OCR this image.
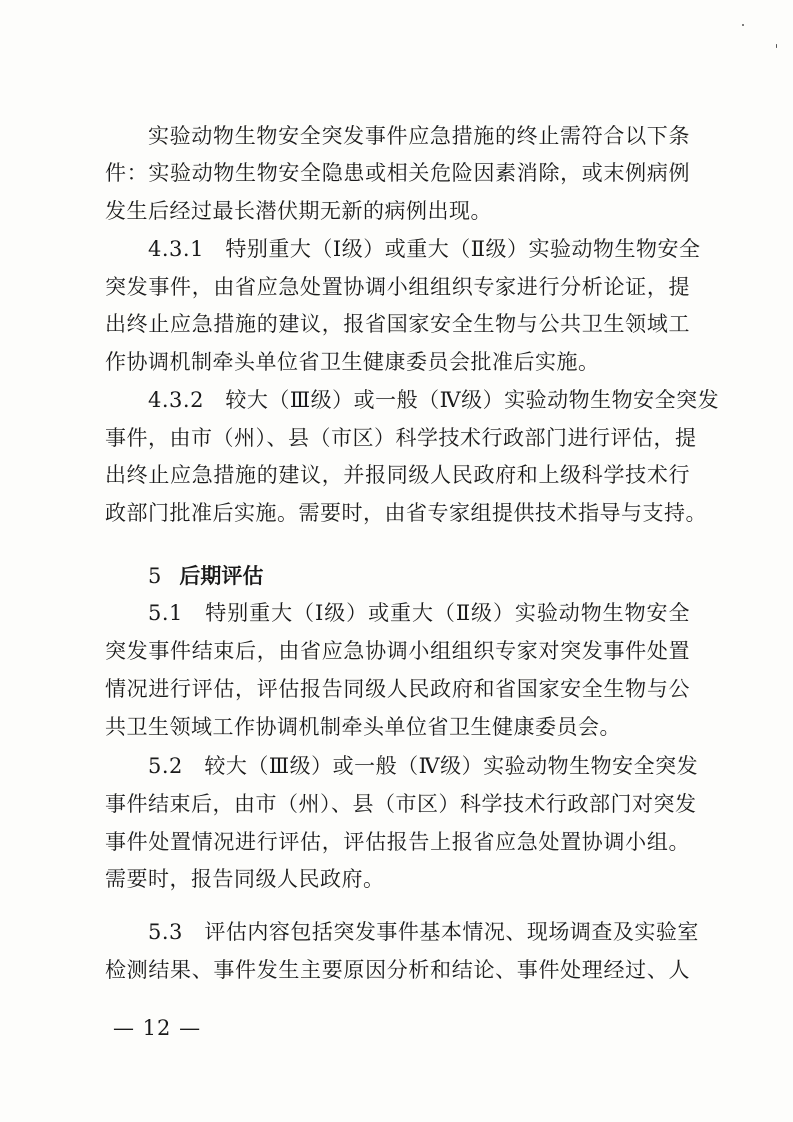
实验动物生物安全突发事件应急措施的终止需符合以下条
件：实验动物生物安全隐患或相关危险因素消除，或末例病例
发生后经过最长潜伏期无新的病例出现。
4.3.1　特别重大（Ⅰ级）或重大（Ⅱ级）实验动物生物安全
突发事件，由省应急处置协调小组组织专家进行分析论证，提
出终止应急措施的建议，报省国家安全生物与公共卫生领域工
作协调机制牵头单位省卫生健康委员会批准后实施。
4.3.2　较大（Ⅲ级）或一般（Ⅳ级）实验动物生物安全突发
事件，由市（州）、县（市区）科学技术行政部门进行评估，提
出终止应急措施的建议，并报同级人民政府和上级科学技术行
政部门批准后实施。需要时，由省专家组提供技术指导与支持。
5 后期评估
5.1　特别重大（Ⅰ级）或重大（Ⅱ级）实验动物生物安全
突发事件结束后，由省应急协调小组组织专家对突发事件处置
情况进行评估，评估报告同级人民政府和省国家安全生物与公
共卫生领域工作协调机制牵头单位省卫生健康委员会。
5.2　较大（Ⅲ级）或一般（Ⅳ级）实验动物生物安全突发
事件结束后，由市（州）、县（市区）科学技术行政部门对突发
事件处置情况进行评估，评估报告上报省应急处置协调小组。
需要时，报告同级人民政府。
5.3　评估内容包括突发事件基本情况、现场调查及实验室
检测结果、事件发生主要原因分析和结论、事件处理经过、人
— 12 —
